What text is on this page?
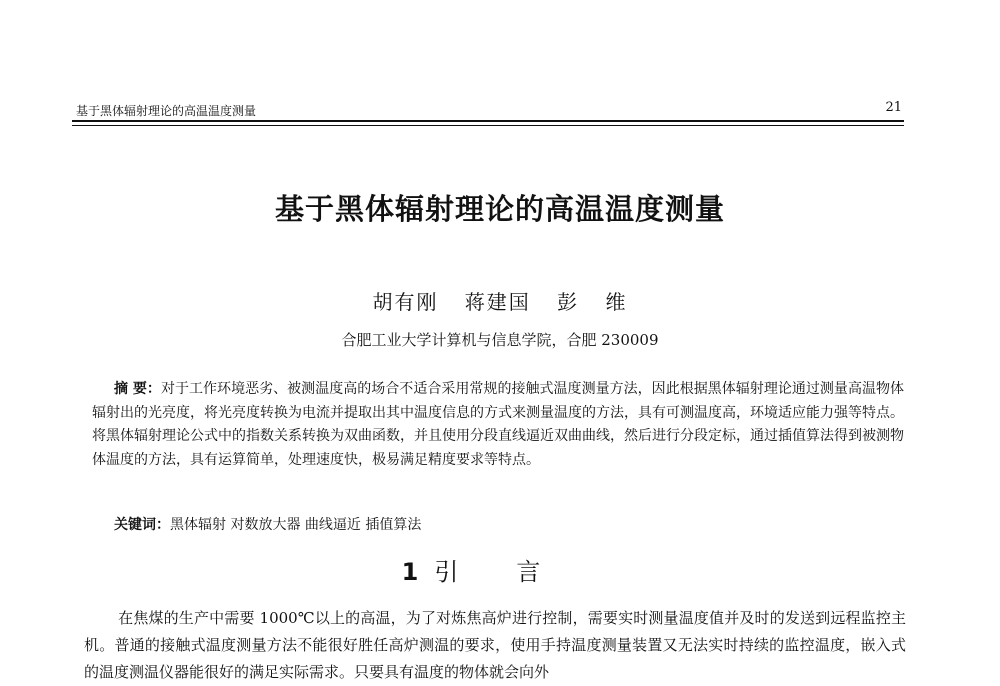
基于黑体辐射理论的高温温度测量	21
基于黑体辐射理论的高温温度测量
胡有刚 蒋建国 彭 维
合肥工业大学计算机与信息学院，合肥 230009
摘 要：对于工作环境恶劣、被测温度高的场合不适合采用常规的接触式温度测量方法，因此根据黑体辐射理论通过测量高温物体辐射出的光亮度，将光亮度转换为电流并提取出其中温度信息的方式来测量温度的方法，具有可测温度高，环境适应能力强等特点。将黑体辐射理论公式中的指数关系转换为双曲函数，并且使用分段直线逼近双曲曲线，然后进行分段定标，通过插值算法得到被测物体温度的方法，具有运算简单，处理速度快，极易满足精度要求等特点。
关键词：黑体辐射 对数放大器 曲线逼近 插值算法
1 引言
在焦煤的生产中需要 1000℃以上的高温，为了对炼焦高炉进行控制，需要实时测量温度值并及时的发送到远程监控主机。普通的接触式温度测量方法不能很好胜任高炉测温的要求，使用手持温度测量装置又无法实时持续的监控温度，嵌入式的温度测温仪器能很好的满足实际需求。只要具有温度的物体就会向外
